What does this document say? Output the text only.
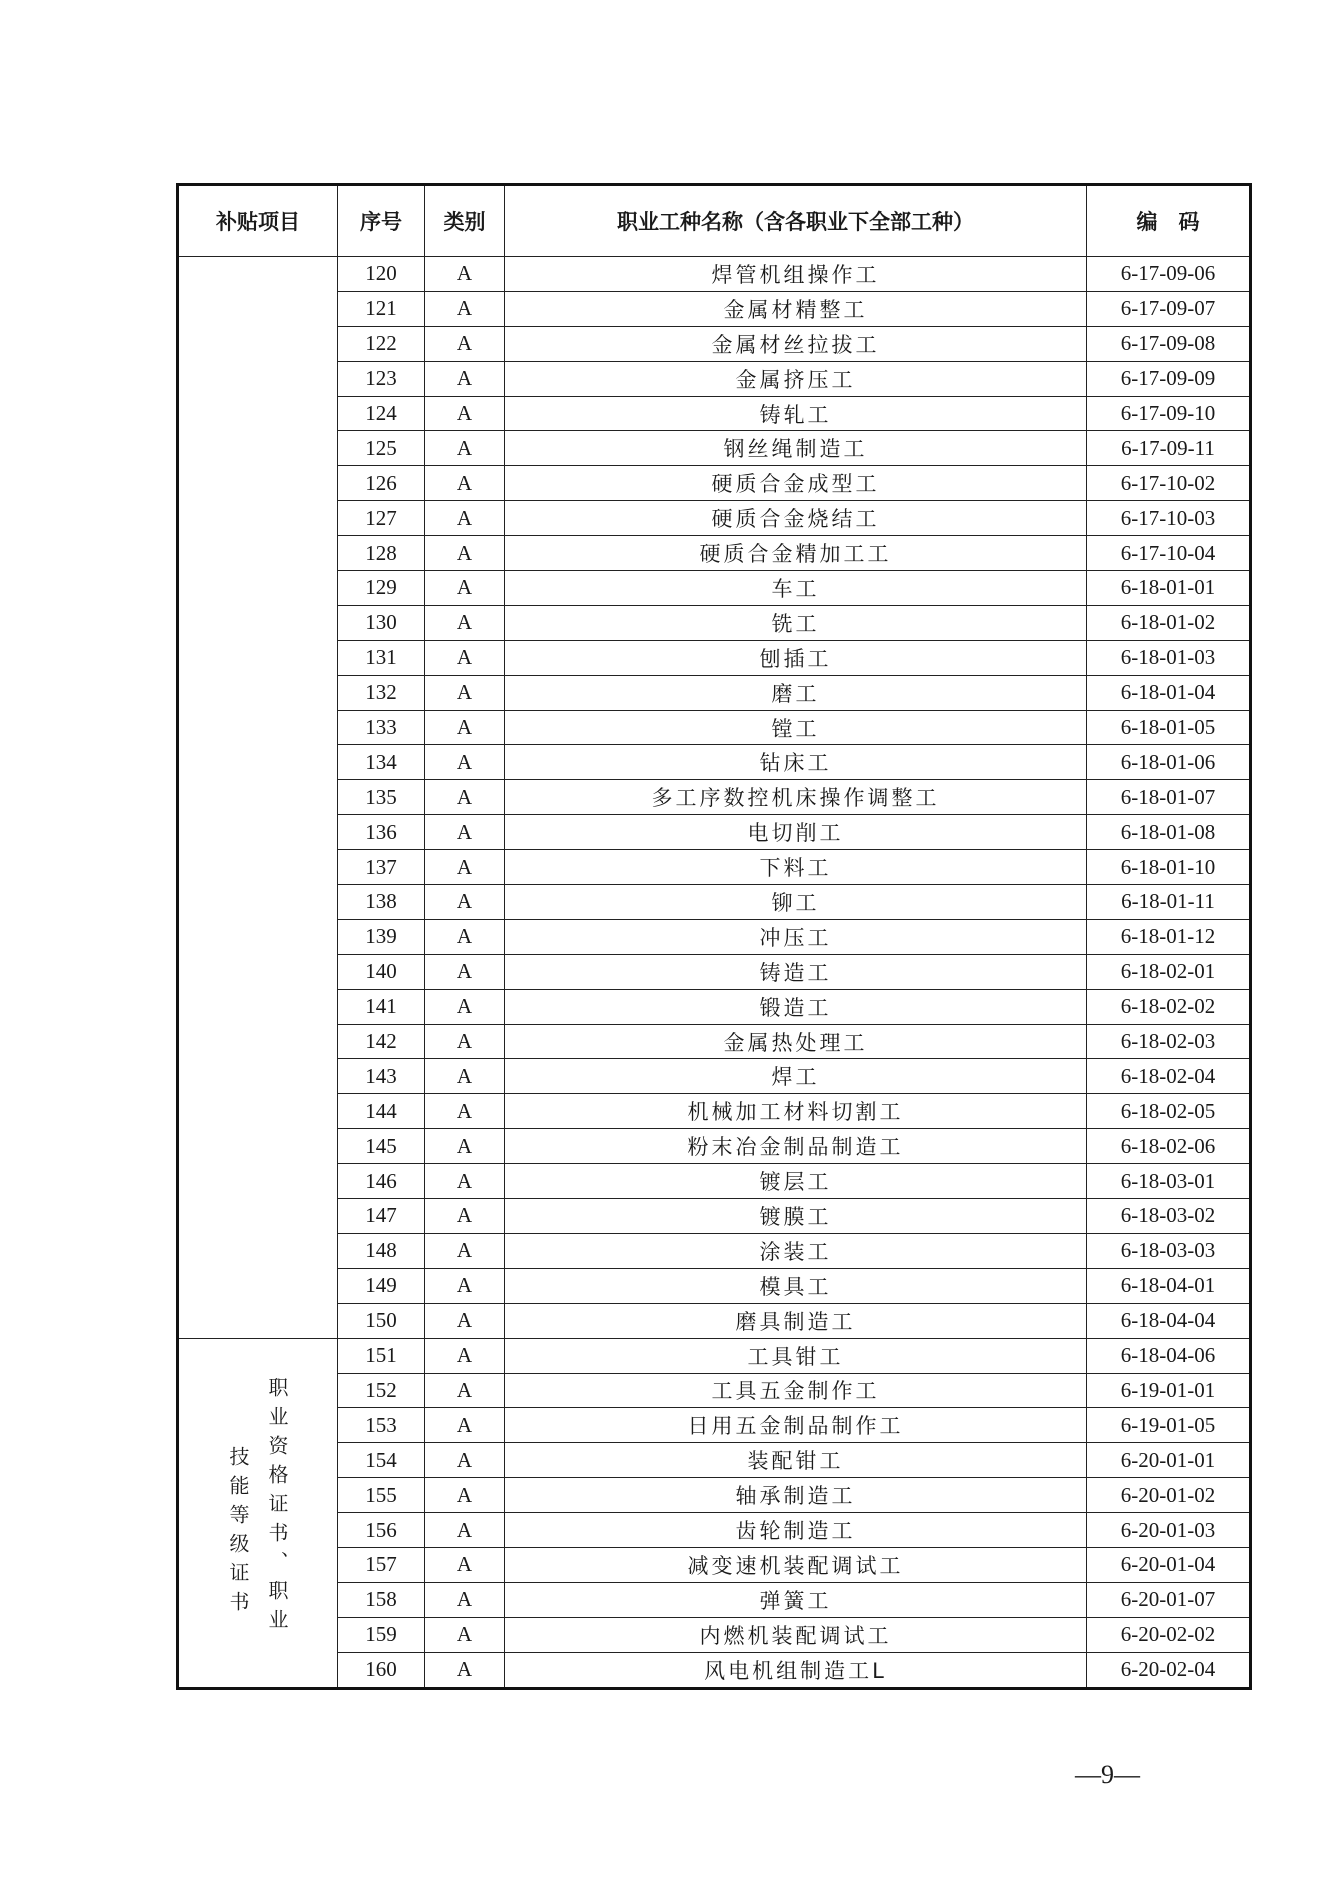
补贴项目	序号	类别	职业工种名称（含各职业下全部工种）	编　码
	120	A	焊管机组操作工	6-17-09-06
	121	A	金属材精整工	6-17-09-07
	122	A	金属材丝拉拔工	6-17-09-08
	123	A	金属挤压工	6-17-09-09
	124	A	铸轧工	6-17-09-10
	125	A	钢丝绳制造工	6-17-09-11
	126	A	硬质合金成型工	6-17-10-02
	127	A	硬质合金烧结工	6-17-10-03
	128	A	硬质合金精加工工	6-17-10-04
	129	A	车工	6-18-01-01
	130	A	铣工	6-18-01-02
	131	A	刨插工	6-18-01-03
	132	A	磨工	6-18-01-04
	133	A	镗工	6-18-01-05
	134	A	钻床工	6-18-01-06
	135	A	多工序数控机床操作调整工	6-18-01-07
	136	A	电切削工	6-18-01-08
	137	A	下料工	6-18-01-10
	138	A	铆工	6-18-01-11
	139	A	冲压工	6-18-01-12
	140	A	铸造工	6-18-02-01
	141	A	锻造工	6-18-02-02
	142	A	金属热处理工	6-18-02-03
	143	A	焊工	6-18-02-04
	144	A	机械加工材料切割工	6-18-02-05
	145	A	粉末冶金制品制造工	6-18-02-06
	146	A	镀层工	6-18-03-01
	147	A	镀膜工	6-18-03-02
	148	A	涂装工	6-18-03-03
	149	A	模具工	6-18-04-01
	150	A	磨具制造工	6-18-04-04

职业资格证书、职业
技能等级证书	151	A	工具钳工	6-18-04-06
	152	A	工具五金制作工	6-19-01-01
	153	A	日用五金制品制作工	6-19-01-05
	154	A	装配钳工	6-20-01-01
	155	A	轴承制造工	6-20-01-02
	156	A	齿轮制造工	6-20-01-03
	157	A	减变速机装配调试工	6-20-01-04
	158	A	弹簧工	6-20-01-07
	159	A	内燃机装配调试工	6-20-02-02
	160	A	风电机组制造工L	6-20-02-04
—9—
